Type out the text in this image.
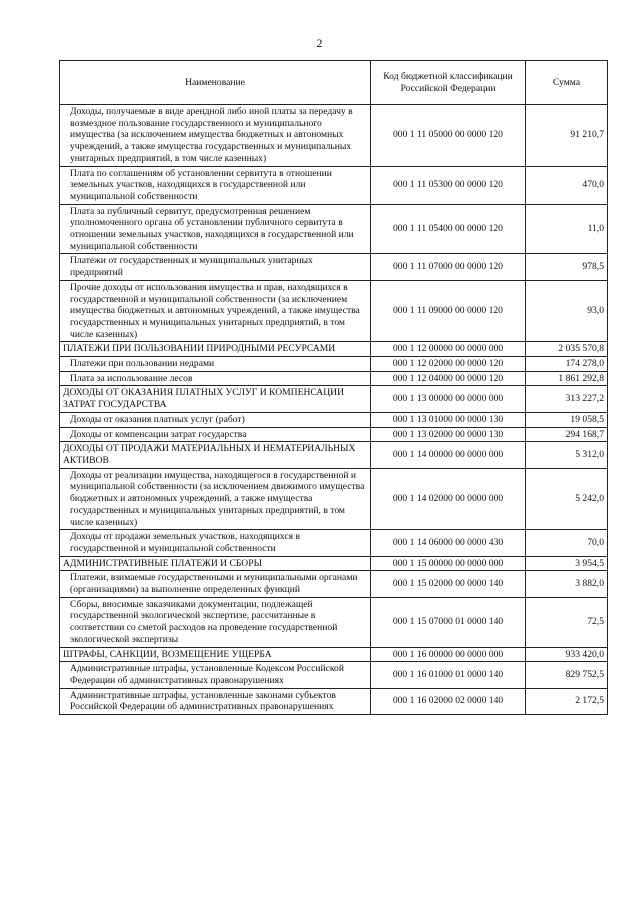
2
Наименование	Код бюджетной классификации Российской Федерации	Сумма
Доходы, получаемые в виде арендной либо иной платы за передачу в возмездное пользование государственного и муниципального имущества (за исключением имущества бюджетных и автономных учреждений, а также имущества государственных и муниципальных унитарных предприятий, в том числе казенных)	000 1 11 05000 00 0000 120	91 210,7
Плата по соглашениям об установлении сервитута в отношении земельных участков, находящихся в государственной или муниципальной собственности	000 1 11 05300 00 0000 120	470,0
Плата за публичный сервитут, предусмотренная решением уполномоченного органа об установлении публичного сервитута в отношении земельных участков, находящихся в государственной или муниципальной собственности	000 1 11 05400 00 0000 120	11,0
Платежи от государственных и муниципальных унитарных предприятий	000 1 11 07000 00 0000 120	978,5
Прочие доходы от использования имущества и прав, находящихся в государственной и муниципальной собственности (за исключением имущества бюджетных и автономных учреждений, а также имущества государственных и муниципальных унитарных предприятий, в том числе казенных)	000 1 11 09000 00 0000 120	93,0
ПЛАТЕЖИ ПРИ ПОЛЬЗОВАНИИ ПРИРОДНЫМИ РЕСУРСАМИ	000 1 12 00000 00 0000 000	2 035 570,8
Платежи при пользовании недрами	000 1 12 02000 00 0000 120	174 278,0
Плата за использование лесов	000 1 12 04000 00 0000 120	1 861 292,8
ДОХОДЫ ОТ ОКАЗАНИЯ ПЛАТНЫХ УСЛУГ И КОМПЕНСАЦИИ ЗАТРАТ ГОСУДАРСТВА	000 1 13 00000 00 0000 000	313 227,2
Доходы от оказания платных услуг (работ)	000 1 13 01000 00 0000 130	19 058,5
Доходы от компенсации затрат государства	000 1 13 02000 00 0000 130	294 168,7
ДОХОДЫ ОТ ПРОДАЖИ МАТЕРИАЛЬНЫХ И НЕМАТЕРИАЛЬНЫХ АКТИВОВ	000 1 14 00000 00 0000 000	5 312,0
Доходы от реализации имущества, находящегося в государственной и муниципальной собственности (за исключением движимого имущества бюджетных и автономных учреждений, а также имущества государственных и муниципальных унитарных предприятий, в том числе казенных)	000 1 14 02000 00 0000 000	5 242,0
Доходы от продажи земельных участков, находящихся в государственной и муниципальной собственности	000 1 14 06000 00 0000 430	70,0
АДМИНИСТРАТИВНЫЕ ПЛАТЕЖИ И СБОРЫ	000 1 15 00000 00 0000 000	3 954,5
Платежи, взимаемые государственными и муниципальными органами (организациями) за выполнение определенных функций	000 1 15 02000 00 0000 140	3 882,0
Сборы, вносимые заказчиками документации, подлежащей государственной экологической экспертизе, рассчитанные в соответствии со сметой расходов на проведение государственной экологической экспертизы	000 1 15 07000 01 0000 140	72,5
ШТРАФЫ, САНКЦИИ, ВОЗМЕЩЕНИЕ УЩЕРБА	000 1 16 00000 00 0000 000	933 420,0
Административные штрафы, установленные Кодексом Российской Федерации об административных правонарушениях	000 1 16 01000 01 0000 140	829 752,5
Административные штрафы, установленные законами субъектов Российской Федерации об административных правонарушениях	000 1 16 02000 02 0000 140	2 172,5
